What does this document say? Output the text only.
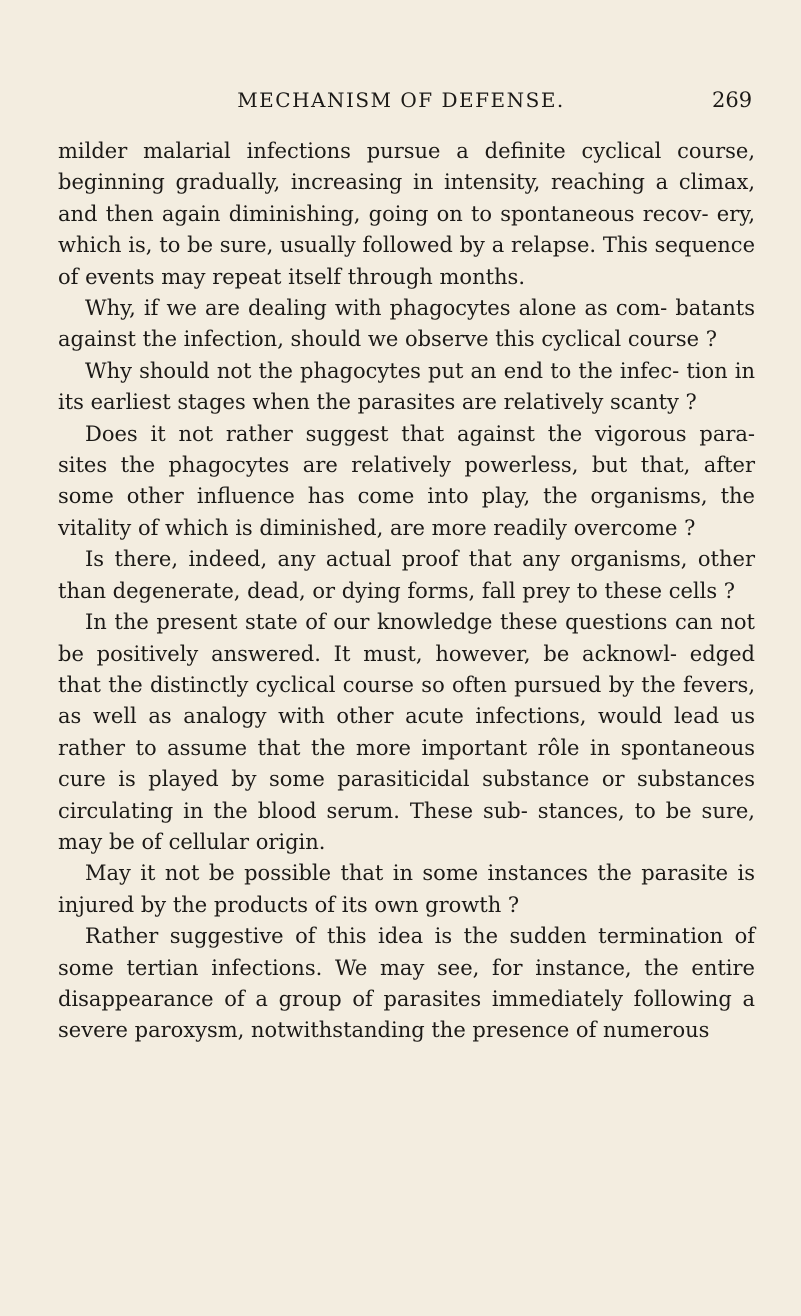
MECHANISM OF DEFENSE.	269

milder malarial infections pursue a definite cyclical course, beginning gradually, increasing in intensity, reaching a climax, and then again diminishing, going on to spontaneous recov- ery, which is, to be sure, usually followed by a relapse. This sequence of events may repeat itself through months.

Why, if we are dealing with phagocytes alone as com- batants against the infection, should we observe this cyclical course ?

Why should not the phagocytes put an end to the infec- tion in its earliest stages when the parasites are relatively scanty ?

Does it not rather suggest that against the vigorous para- sites the phagocytes are relatively powerless, but that, after some other influence has come into play, the organisms, the vitality of which is diminished, are more readily overcome ?

Is there, indeed, any actual proof that any organisms, other than degenerate, dead, or dying forms, fall prey to these cells ?

In the present state of our knowledge these questions can not be positively answered. It must, however, be acknowl- edged that the distinctly cyclical course so often pursued by the fevers, as well as analogy with other acute infections, would lead us rather to assume that the more important rôle in spontaneous cure is played by some parasiticidal substance or substances circulating in the blood serum. These sub- stances, to be sure, may be of cellular origin.

May it not be possible that in some instances the parasite is injured by the products of its own growth ?

Rather suggestive of this idea is the sudden termination of some tertian infections. We may see, for instance, the entire disappearance of a group of parasites immediately following a severe paroxysm, notwithstanding the presence of numerous
